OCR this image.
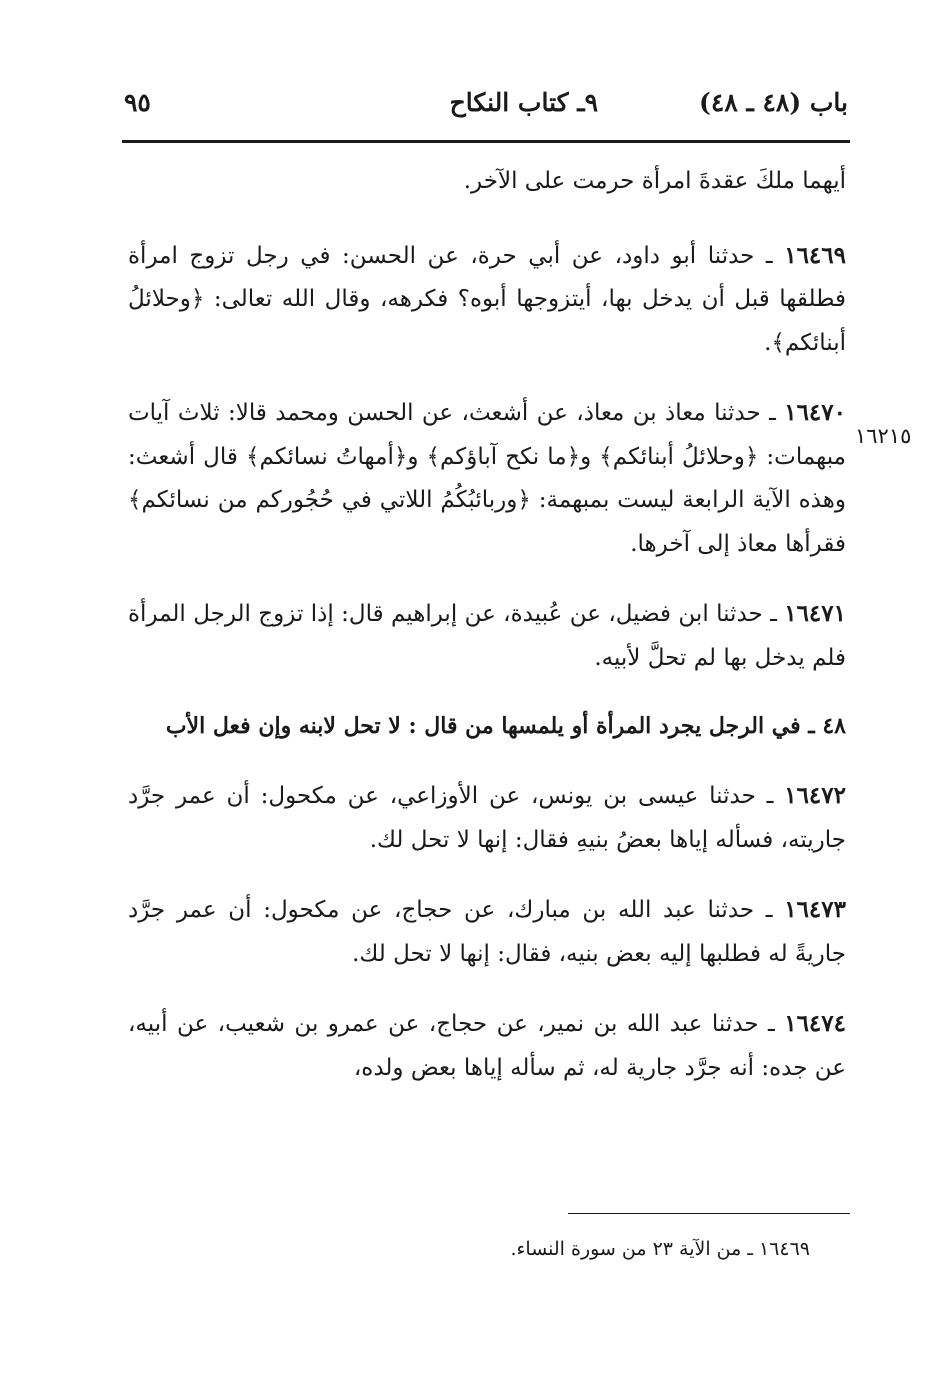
باب (٤٨ ـ ٤٨)
٩ـ كتاب النكاح
٩٥
١٦٢١٥

أيهما ملكَ عقدةَ امرأة حرمت على الآخر.

١٦٤٦٩ ـ حدثنا أبو داود، عن أبي حرة، عن الحسن: في رجل تزوج امرأة فطلقها قبل أن يدخل بها، أيتزوجها أبوه؟ فكرهه، وقال الله تعالى: ﴿وحلائلُ أبنائكم﴾.

١٦٤٧٠ ـ حدثنا معاذ بن معاذ، عن أشعث، عن الحسن ومحمد قالا: ثلاث آيات مبهمات: ﴿وحلائلُ أبنائكم﴾ و﴿ما نكح آباؤكم﴾ و﴿أمهاتُ نسائكم﴾ قال أشعث: وهذه الآية الرابعة ليست بمبهمة: ﴿وربائبُكُمُ اللاتي في حُجُوركم من نسائكم﴾ فقرأها معاذ إلى آخرها.

١٦٤٧١ ـ حدثنا ابن فضيل، عن عُبيدة، عن إبراهيم قال: إذا تزوج الرجل المرأة فلم يدخل بها لم تحلَّ لأبيه.

٤٨ ـ في الرجل يجرد المرأة أو يلمسها من قال : لا تحل لابنه وإن فعل الأب

١٦٤٧٢ ـ حدثنا عيسى بن يونس، عن الأوزاعي، عن مكحول: أن عمر جرَّد جاريته، فسأله إياها بعضُ بنيهِ فقال: إنها لا تحل لك.

١٦٤٧٣ ـ حدثنا عبد الله بن مبارك، عن حجاج، عن مكحول: أن عمر جرَّد جاريةً له فطلبها إليه بعض بنيه، فقال: إنها لا تحل لك.

١٦٤٧٤ ـ حدثنا عبد الله بن نمير، عن حجاج، عن عمرو بن شعيب، عن أبيه، عن جده: أنه جرَّد جارية له، ثم سأله إياها بعض ولده،

١٦٤٦٩ ـ من الآية ٢٣ من سورة النساء.
